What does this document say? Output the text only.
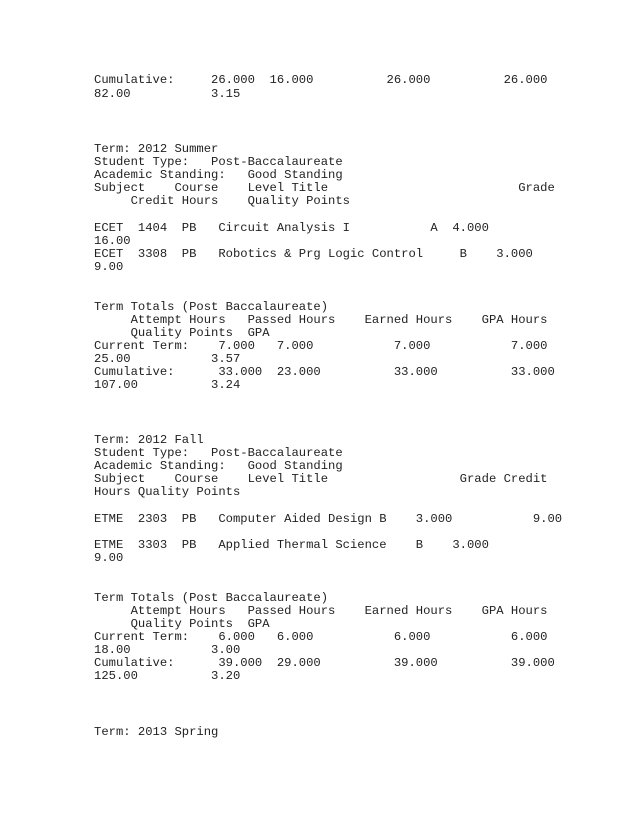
Cumulative:     26.000  16.000          26.000          26.000
82.00           3.15
Term: 2012 Summer
Student Type:   Post-Baccalaureate
Academic Standing:   Good Standing
Subject    Course    Level Title                          Grade
Credit Hours    Quality Points
ECET  1404  PB   Circuit Analysis I           A  4.000
16.00
ECET  3308  PB   Robotics & Prg Logic Control     B    3.000
9.00
Term Totals (Post Baccalaureate)
Attempt Hours   Passed Hours    Earned Hours    GPA Hours
Quality Points  GPA
Current Term:    7.000   7.000           7.000           7.000
25.00           3.57
Cumulative:      33.000  23.000          33.000          33.000
107.00          3.24
Term: 2012 Fall
Student Type:   Post-Baccalaureate
Academic Standing:   Good Standing
Subject    Course    Level Title                  Grade Credit
Hours Quality Points
ETME  2303  PB   Computer Aided Design B    3.000           9.00
ETME  3303  PB   Applied Thermal Science    B    3.000
9.00
Term Totals (Post Baccalaureate)
Attempt Hours   Passed Hours    Earned Hours    GPA Hours
Quality Points  GPA
Current Term:    6.000   6.000           6.000           6.000
18.00           3.00
Cumulative:      39.000  29.000          39.000          39.000
125.00          3.20
Term: 2013 Spring
